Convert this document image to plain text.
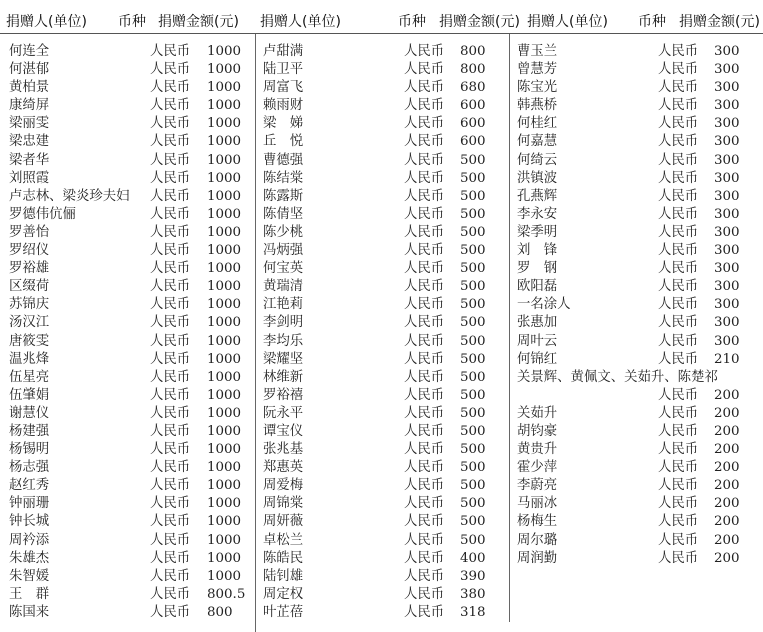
捐赠人(单位) 币种 捐赠金额(元) 捐赠人(单位)	币种 捐赠金额(元) 捐赠人(单位) 币种 捐赠金额(元)
何连全	人民币 1000
何湛郁	人民币 1000
黄柏景	人民币 1000
康绮屏	人民币 1000
梁丽雯	人民币 1000
梁忠建	人民币 1000
梁者华	人民币 1000
刘照霞	人民币 1000
卢志林、梁炎珍夫妇 人民币 1000
罗德伟伉俪	人民币 1000
罗善怡	人民币 1000
罗绍仪	人民币 1000
罗裕雄	人民币 1000
区缀荷	人民币 1000
苏锦庆	人民币 1000
汤汉江	人民币 1000
唐筱雯	人民币 1000
温兆烽	人民币 1000
伍星亮	人民币 1000
伍肇娟	人民币 1000
谢慧仪	人民币 1000
杨建强	人民币 1000
杨锡明	人民币 1000
杨志强	人民币 1000
赵红秀	人民币 1000
钟丽珊	人民币 1000
钟长城	人民币 1000
周衿添	人民币 1000
朱雄杰	人民币 1000
朱智媛	人民币 1000
王　群	人民币 800.5
陈国来	人民币 800
卢甜满	人民币 800
陆卫平	人民币 800
周富飞	人民币 680
赖雨财	人民币 600
梁　娣	人民币 600
丘　悦	人民币 600
曹德强	人民币 500
陈结棠	人民币 500
陈露斯	人民币 500
陈倩坚	人民币 500
陈少桃	人民币 500
冯炳强	人民币 500
何宝英	人民币 500
黄瑞清	人民币 500
江艳莉	人民币 500
李剑明	人民币 500
李均乐	人民币 500
梁耀坚	人民币 500
林维新	人民币 500
罗裕禧	人民币 500
阮永平	人民币 500
谭宝仪	人民币 500
张兆基	人民币 500
郑惠英	人民币 500
周爱梅	人民币 500
周锦棠	人民币 500
周妍薇	人民币 500
卓松兰	人民币 500
陈皓民	人民币 400
陆钊雄	人民币 390
周定权	人民币 380
叶芷蓓	人民币 318
曹玉兰	人民币 300
曾慧芳	人民币 300
陈宝光	人民币 300
韩燕桥	人民币 300
何桂红	人民币 300
何嘉慧	人民币 300
何绮云	人民币 300
洪镇波	人民币 300
孔燕辉	人民币 300
李永安	人民币 300
梁季明	人民币 300
刘　锋	人民币 300
罗　钢	人民币 300
欧阳磊	人民币 300
一名涂人	人民币 300
张惠加	人民币 300
周叶云	人民币 300
何锦红	人民币 210
关景辉、黄佩文、关茹升、陈楚祁
人民币 200
关茹升	人民币 200
胡钧豪	人民币 200
黄贵升	人民币 200
霍少萍	人民币 200
李蔚亮	人民币 200
马丽冰	人民币 200
杨梅生	人民币 200
周尔璐	人民币 200
周润勤	人民币 200
